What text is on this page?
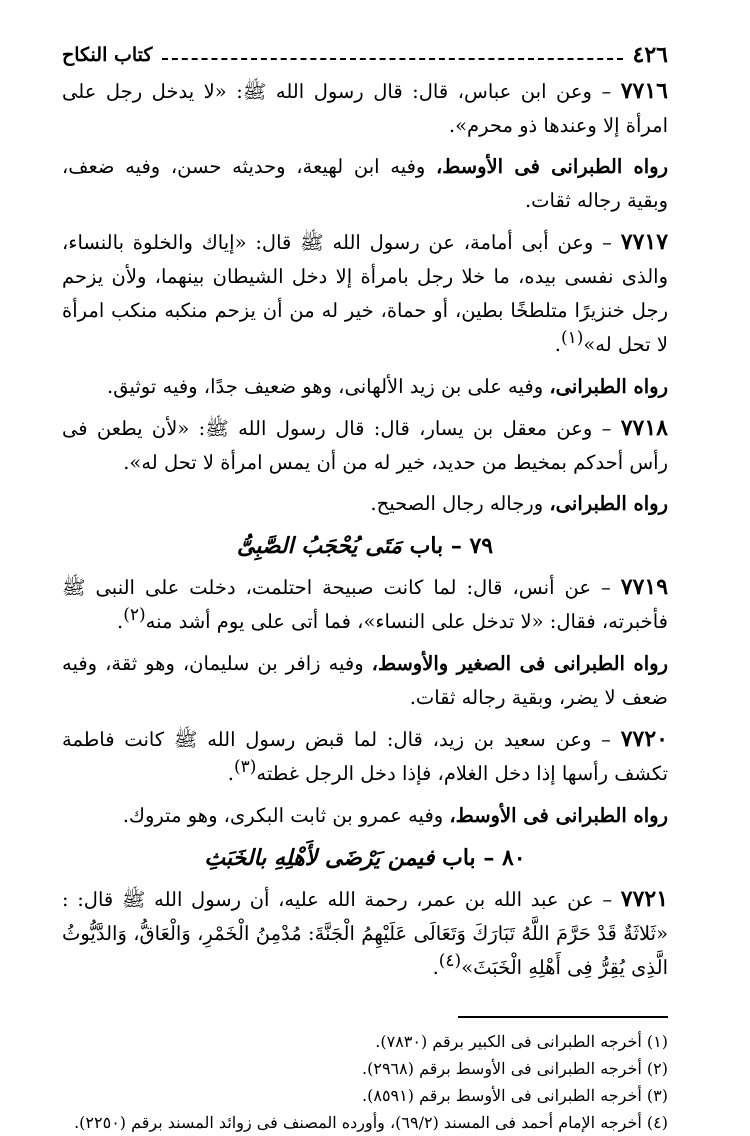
٤٢٦
كتاب النكاح

٧٧١٦ – وعن ابن عباس، قال: قال رسول الله ﷺ: «لا يدخل رجل على امرأة إلا وعندها ذو محرم».

رواه الطبرانى فى الأوسط، وفيه ابن لهيعة، وحديثه حسن، وفيه ضعف، وبقية رجاله ثقات.

٧٧١٧ – وعن أبى أمامة، عن رسول الله ﷺ قال: «إياك والخلوة بالنساء، والذى نفسى بيده، ما خلا رجل بامرأة إلا دخل الشيطان بينهما، ولأن يزحم رجل خنزيرًا متلطخًا بطين، أو حماة، خير له من أن يزحم منكبه منكب امرأة لا تحل له»(١).

رواه الطبرانى، وفيه على بن زيد الألهانى، وهو ضعيف جدًا، وفيه توثيق.

٧٧١٨ – وعن معقل بن يسار، قال: قال رسول الله ﷺ: «لأن يطعن فى رأس أحدكم بمخيط من حديد، خير له من أن يمس امرأة لا تحل له».

رواه الطبرانى، ورجاله رجال الصحيح.

٧٩ – باب مَتَى يُحْجَبُ الصَّبِىُّ

٧٧١٩ – عن أنس، قال: لما كانت صبيحة احتلمت، دخلت على النبى ﷺ فأخبرته، فقال: «لا تدخل على النساء»، فما أتى على يوم أشد منه(٢).

رواه الطبرانى فى الصغير والأوسط، وفيه زافر بن سليمان، وهو ثقة، وفيه ضعف لا يضر، وبقية رجاله ثقات.

٧٧٢٠ – وعن سعيد بن زيد، قال: لما قبض رسول الله ﷺ كانت فاطمة تكشف رأسها إذا دخل الغلام، فإذا دخل الرجل غطته(٣).

رواه الطبرانى فى الأوسط، وفيه عمرو بن ثابت البكرى، وهو متروك.

٨٠ – باب فيمن يَرْضَى لأَهْلِهِ بالخَبَثِ

٧٧٢١ – عن عبد الله بن عمر، رحمة الله عليه، أن رسول الله ﷺ قال: : «ثَلاثَةٌ قَدْ حَرَّمَ اللَّهُ تَبَارَكَ وَتَعَالَى عَلَيْهِمُ الْجَنَّةَ: مُدْمِنُ الْخَمْرِ، وَالْعَاقُّ، وَالدَّيُّوثُ الَّذِى يُقِرُّ فِى أَهْلِهِ الْخَبَثَ»(٤).

(١) أخرجه الطبرانى فى الكبير برقم (٧٨٣٠).

(٢) أخرجه الطبرانى فى الأوسط برقم (٢٩٦٨).

(٣) أخرجه الطبرانى فى الأوسط برقم (٨٥٩١).

(٤) أخرجه الإمام أحمد فى المسند (٦٩/٢)، وأورده المصنف فى زوائد المسند برقم (٢٢٥٠).
